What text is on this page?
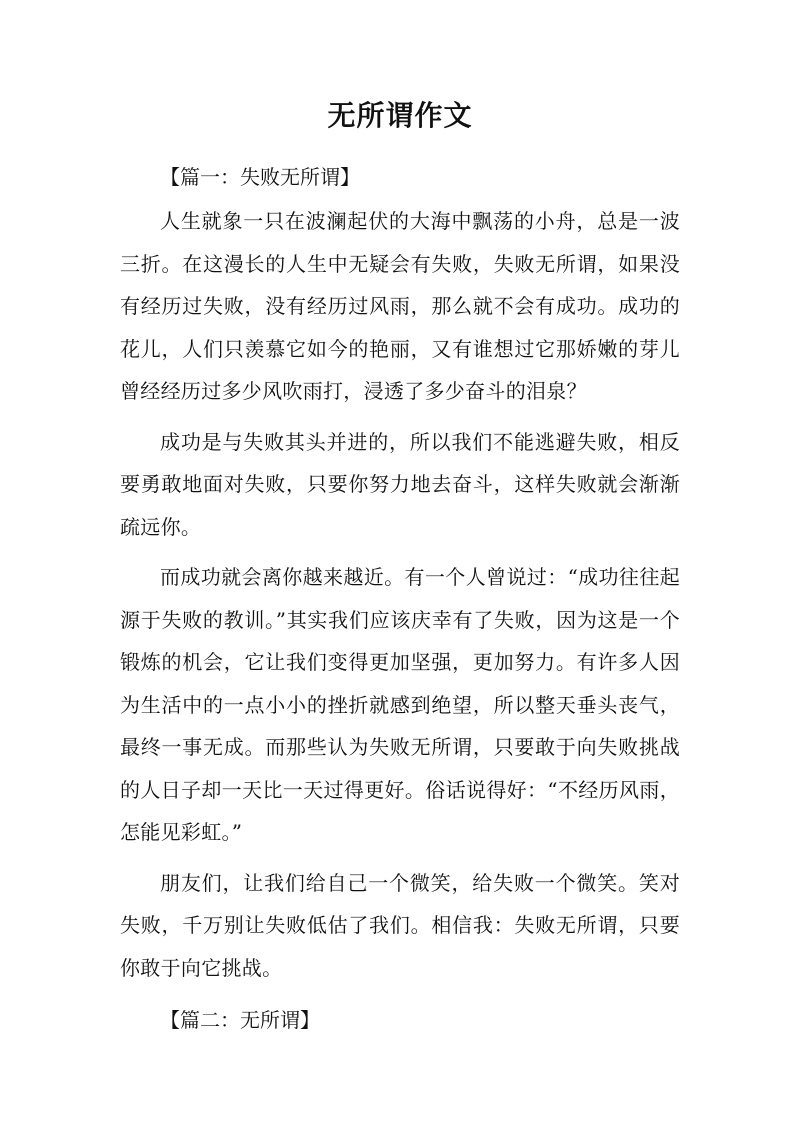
无所谓作文

【篇一：失败无所谓】

人生就象一只在波澜起伏的大海中飘荡的小舟，总是一波三折。在这漫长的人生中无疑会有失败，失败无所谓，如果没有经历过失败，没有经历过风雨，那么就不会有成功。成功的花儿，人们只羡慕它如今的艳丽，又有谁想过它那娇嫩的芽儿曾经经历过多少风吹雨打，浸透了多少奋斗的泪泉？

成功是与失败其头并进的，所以我们不能逃避失败，相反要勇敢地面对失败，只要你努力地去奋斗，这样失败就会渐渐疏远你。

而成功就会离你越来越近。有一个人曾说过：“成功往往起源于失败的教训。”其实我们应该庆幸有了失败，因为这是一个锻炼的机会，它让我们变得更加坚强，更加努力。有许多人因为生活中的一点小小的挫折就感到绝望，所以整天垂头丧气，最终一事无成。而那些认为失败无所谓，只要敢于向失败挑战的人日子却一天比一天过得更好。俗话说得好：“不经历风雨，怎能见彩虹。”

朋友们，让我们给自己一个微笑，给失败一个微笑。笑对失败，千万别让失败低估了我们。相信我：失败无所谓，只要你敢于向它挑战。

【篇二：无所谓】
